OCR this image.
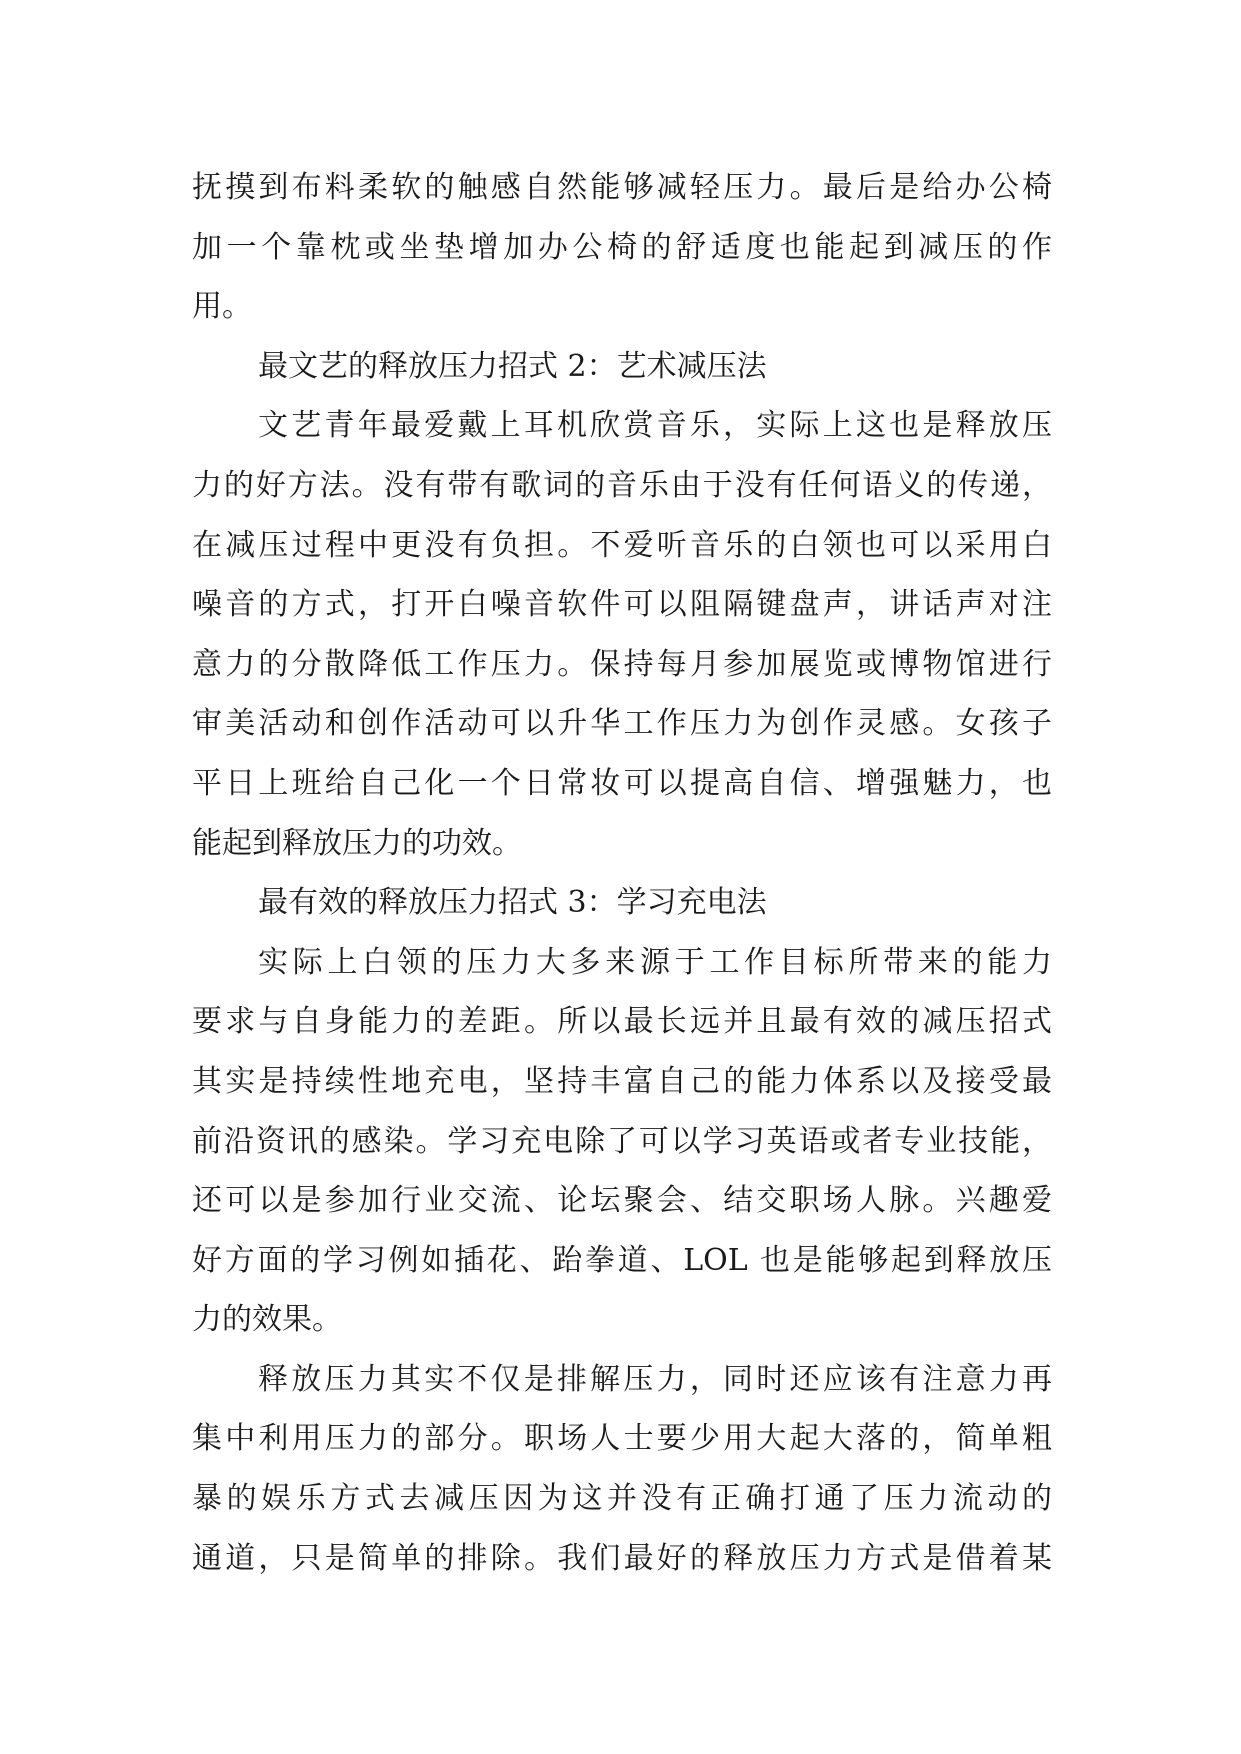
抚摸到布料柔软的触感自然能够减轻压力。最后是给办公椅
加一个靠枕或坐垫增加办公椅的舒适度也能起到减压的作
用。
最文艺的释放压力招式 2：艺术减压法
文艺青年最爱戴上耳机欣赏音乐，实际上这也是释放压
力的好方法。没有带有歌词的音乐由于没有任何语义的传递，
在减压过程中更没有负担。不爱听音乐的白领也可以采用白
噪音的方式，打开白噪音软件可以阻隔键盘声，讲话声对注
意力的分散降低工作压力。保持每月参加展览或博物馆进行
审美活动和创作活动可以升华工作压力为创作灵感。女孩子
平日上班给自己化一个日常妆可以提高自信、增强魅力，也
能起到释放压力的功效。
最有效的释放压力招式 3：学习充电法
实际上白领的压力大多来源于工作目标所带来的能力
要求与自身能力的差距。所以最长远并且最有效的减压招式
其实是持续性地充电，坚持丰富自己的能力体系以及接受最
前沿资讯的感染。学习充电除了可以学习英语或者专业技能，
还可以是参加行业交流、论坛聚会、结交职场人脉。兴趣爱
好方面的学习例如插花、跆拳道、LOL 也是能够起到释放压
力的效果。
释放压力其实不仅是排解压力，同时还应该有注意力再
集中利用压力的部分。职场人士要少用大起大落的，简单粗
暴的娱乐方式去减压因为这并没有正确打通了压力流动的
通道，只是简单的排除。我们最好的释放压力方式是借着某
